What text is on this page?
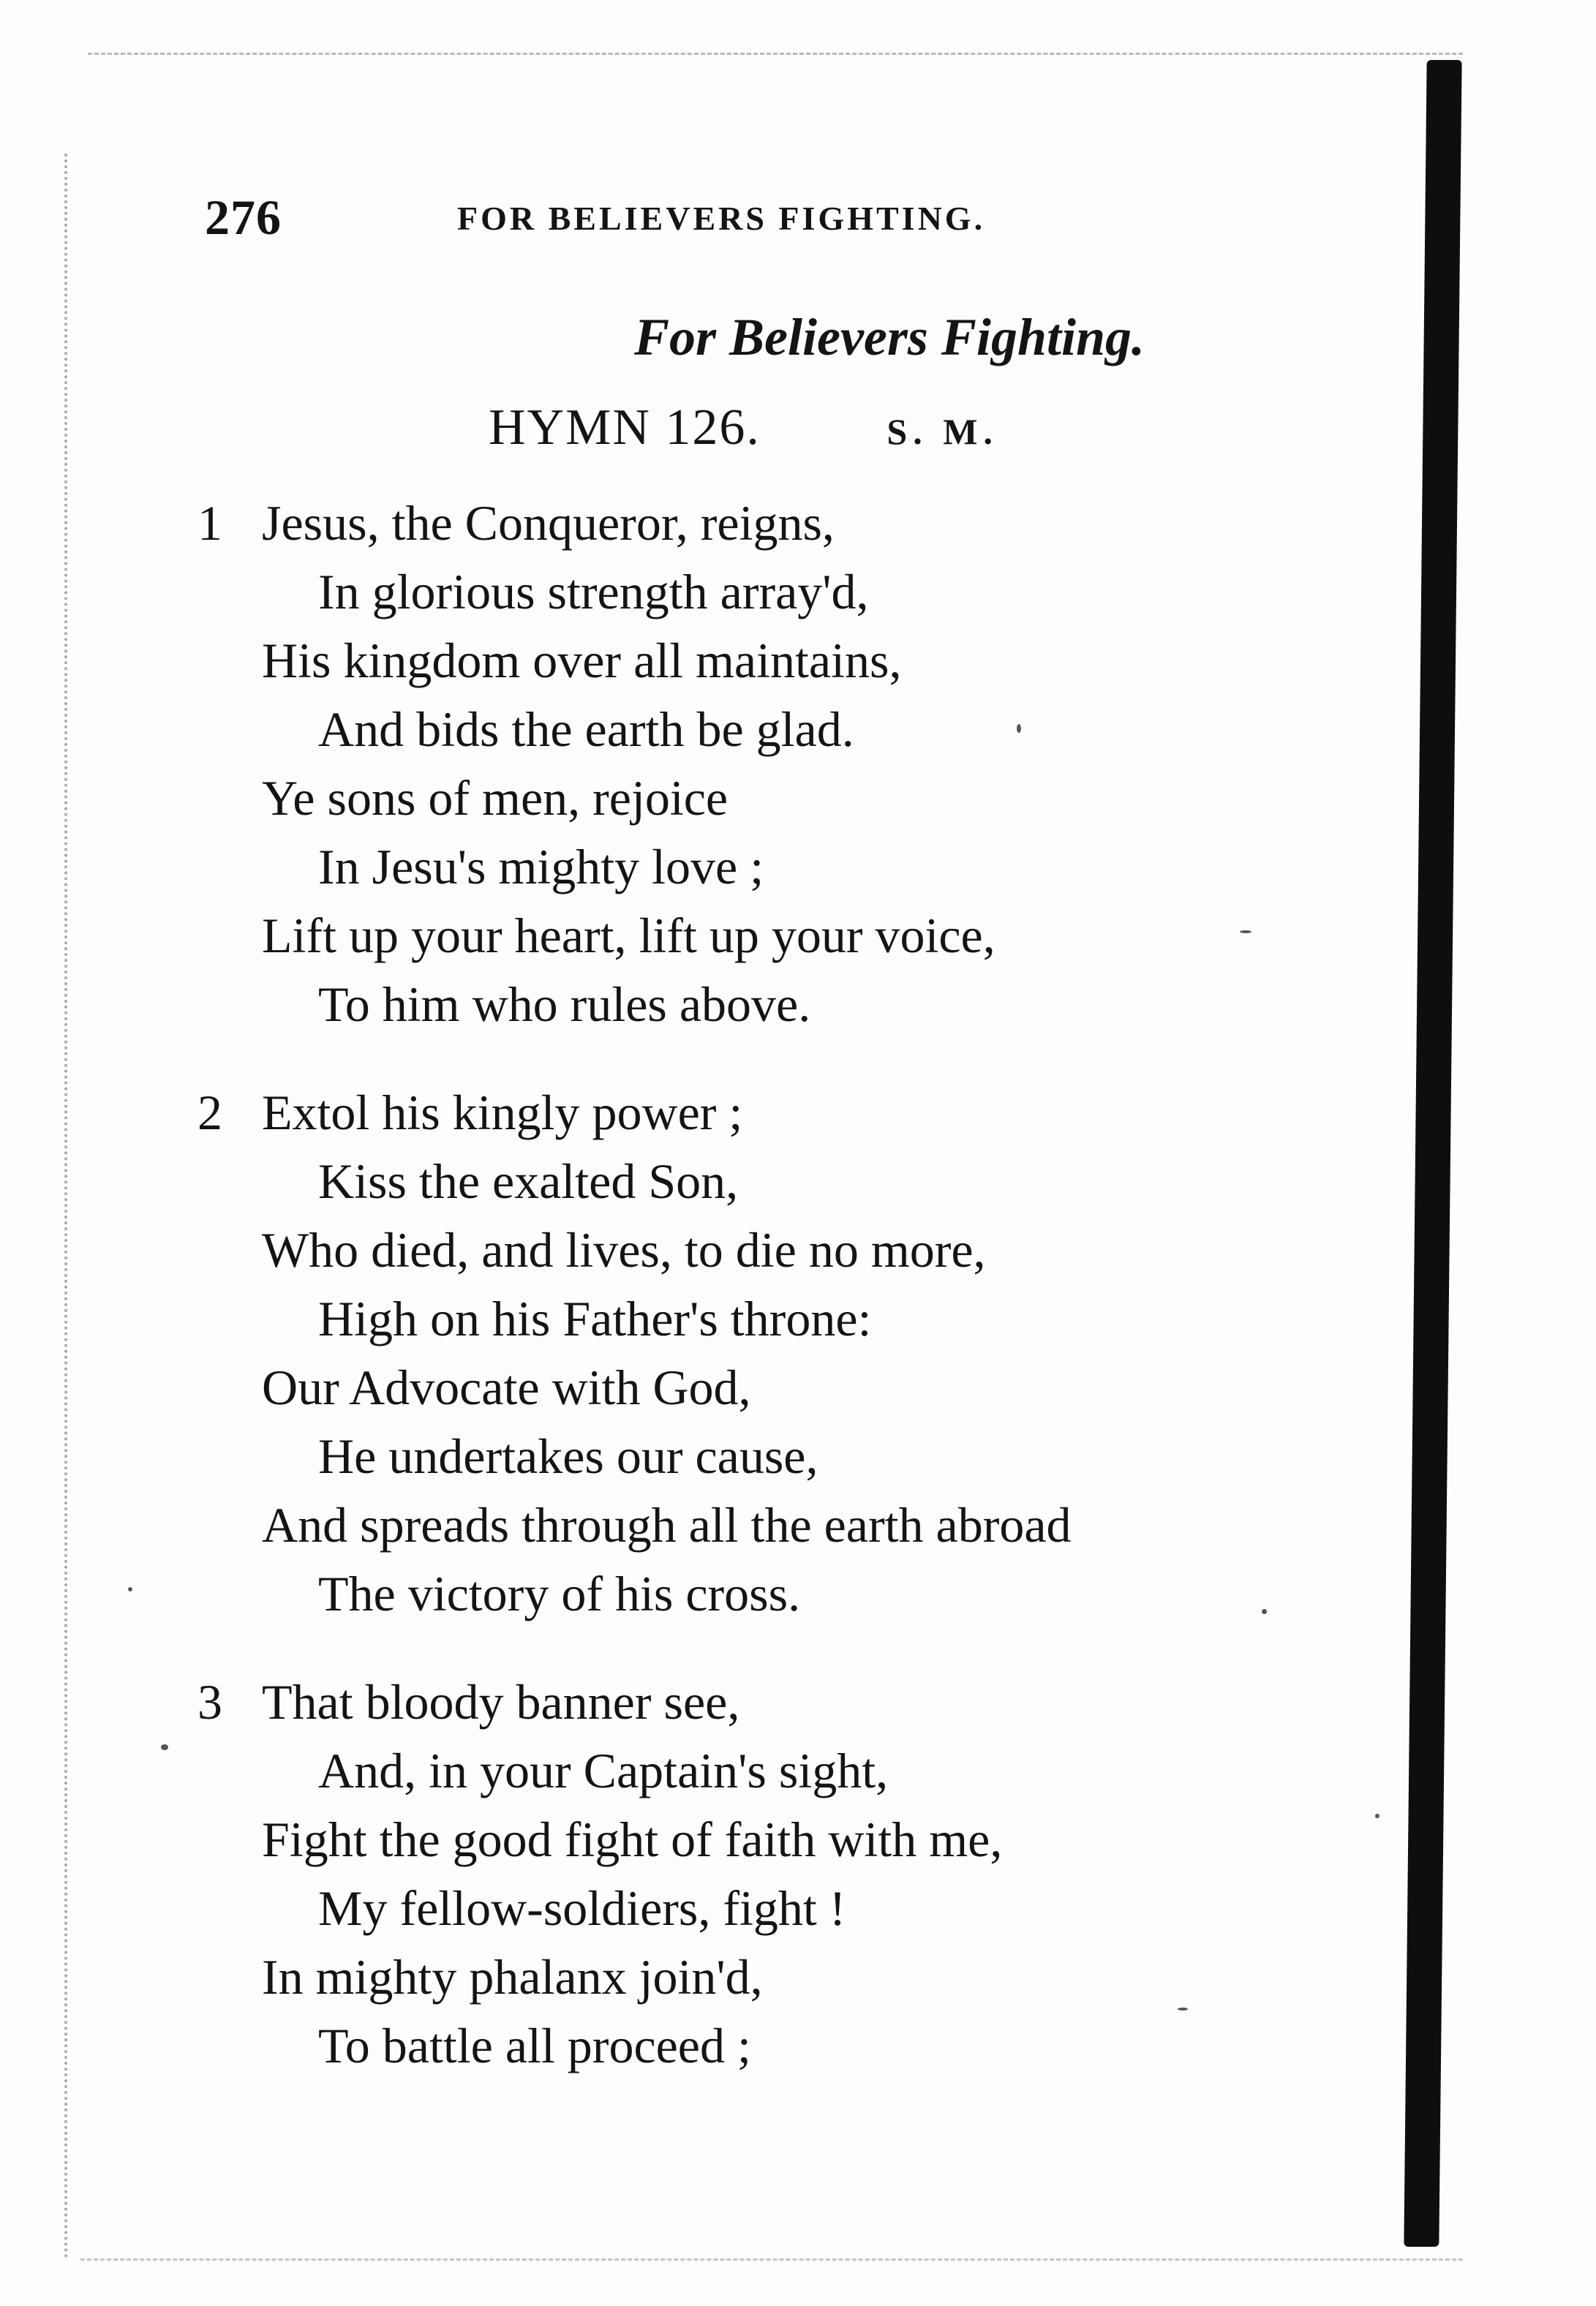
276	FOR BELIEVERS FIGHTING.
For Believers Fighting.
HYMN 126.	S. M.
1 Jesus, the Conqueror, reigns,
In glorious strength array'd,
His kingdom over all maintains,
And bids the earth be glad.
Ye sons of men, rejoice
In Jesu's mighty love ;
Lift up your heart, lift up your voice,
To him who rules above.
2 Extol his kingly power ;
Kiss the exalted Son,
Who died, and lives, to die no more,
High on his Father's throne:
Our Advocate with God,
He undertakes our cause,
And spreads through all the earth abroad
The victory of his cross.
3 That bloody banner see,
And, in your Captain's sight,
Fight the good fight of faith with me,
My fellow-soldiers, fight !
In mighty phalanx join'd,
To battle all proceed ;
